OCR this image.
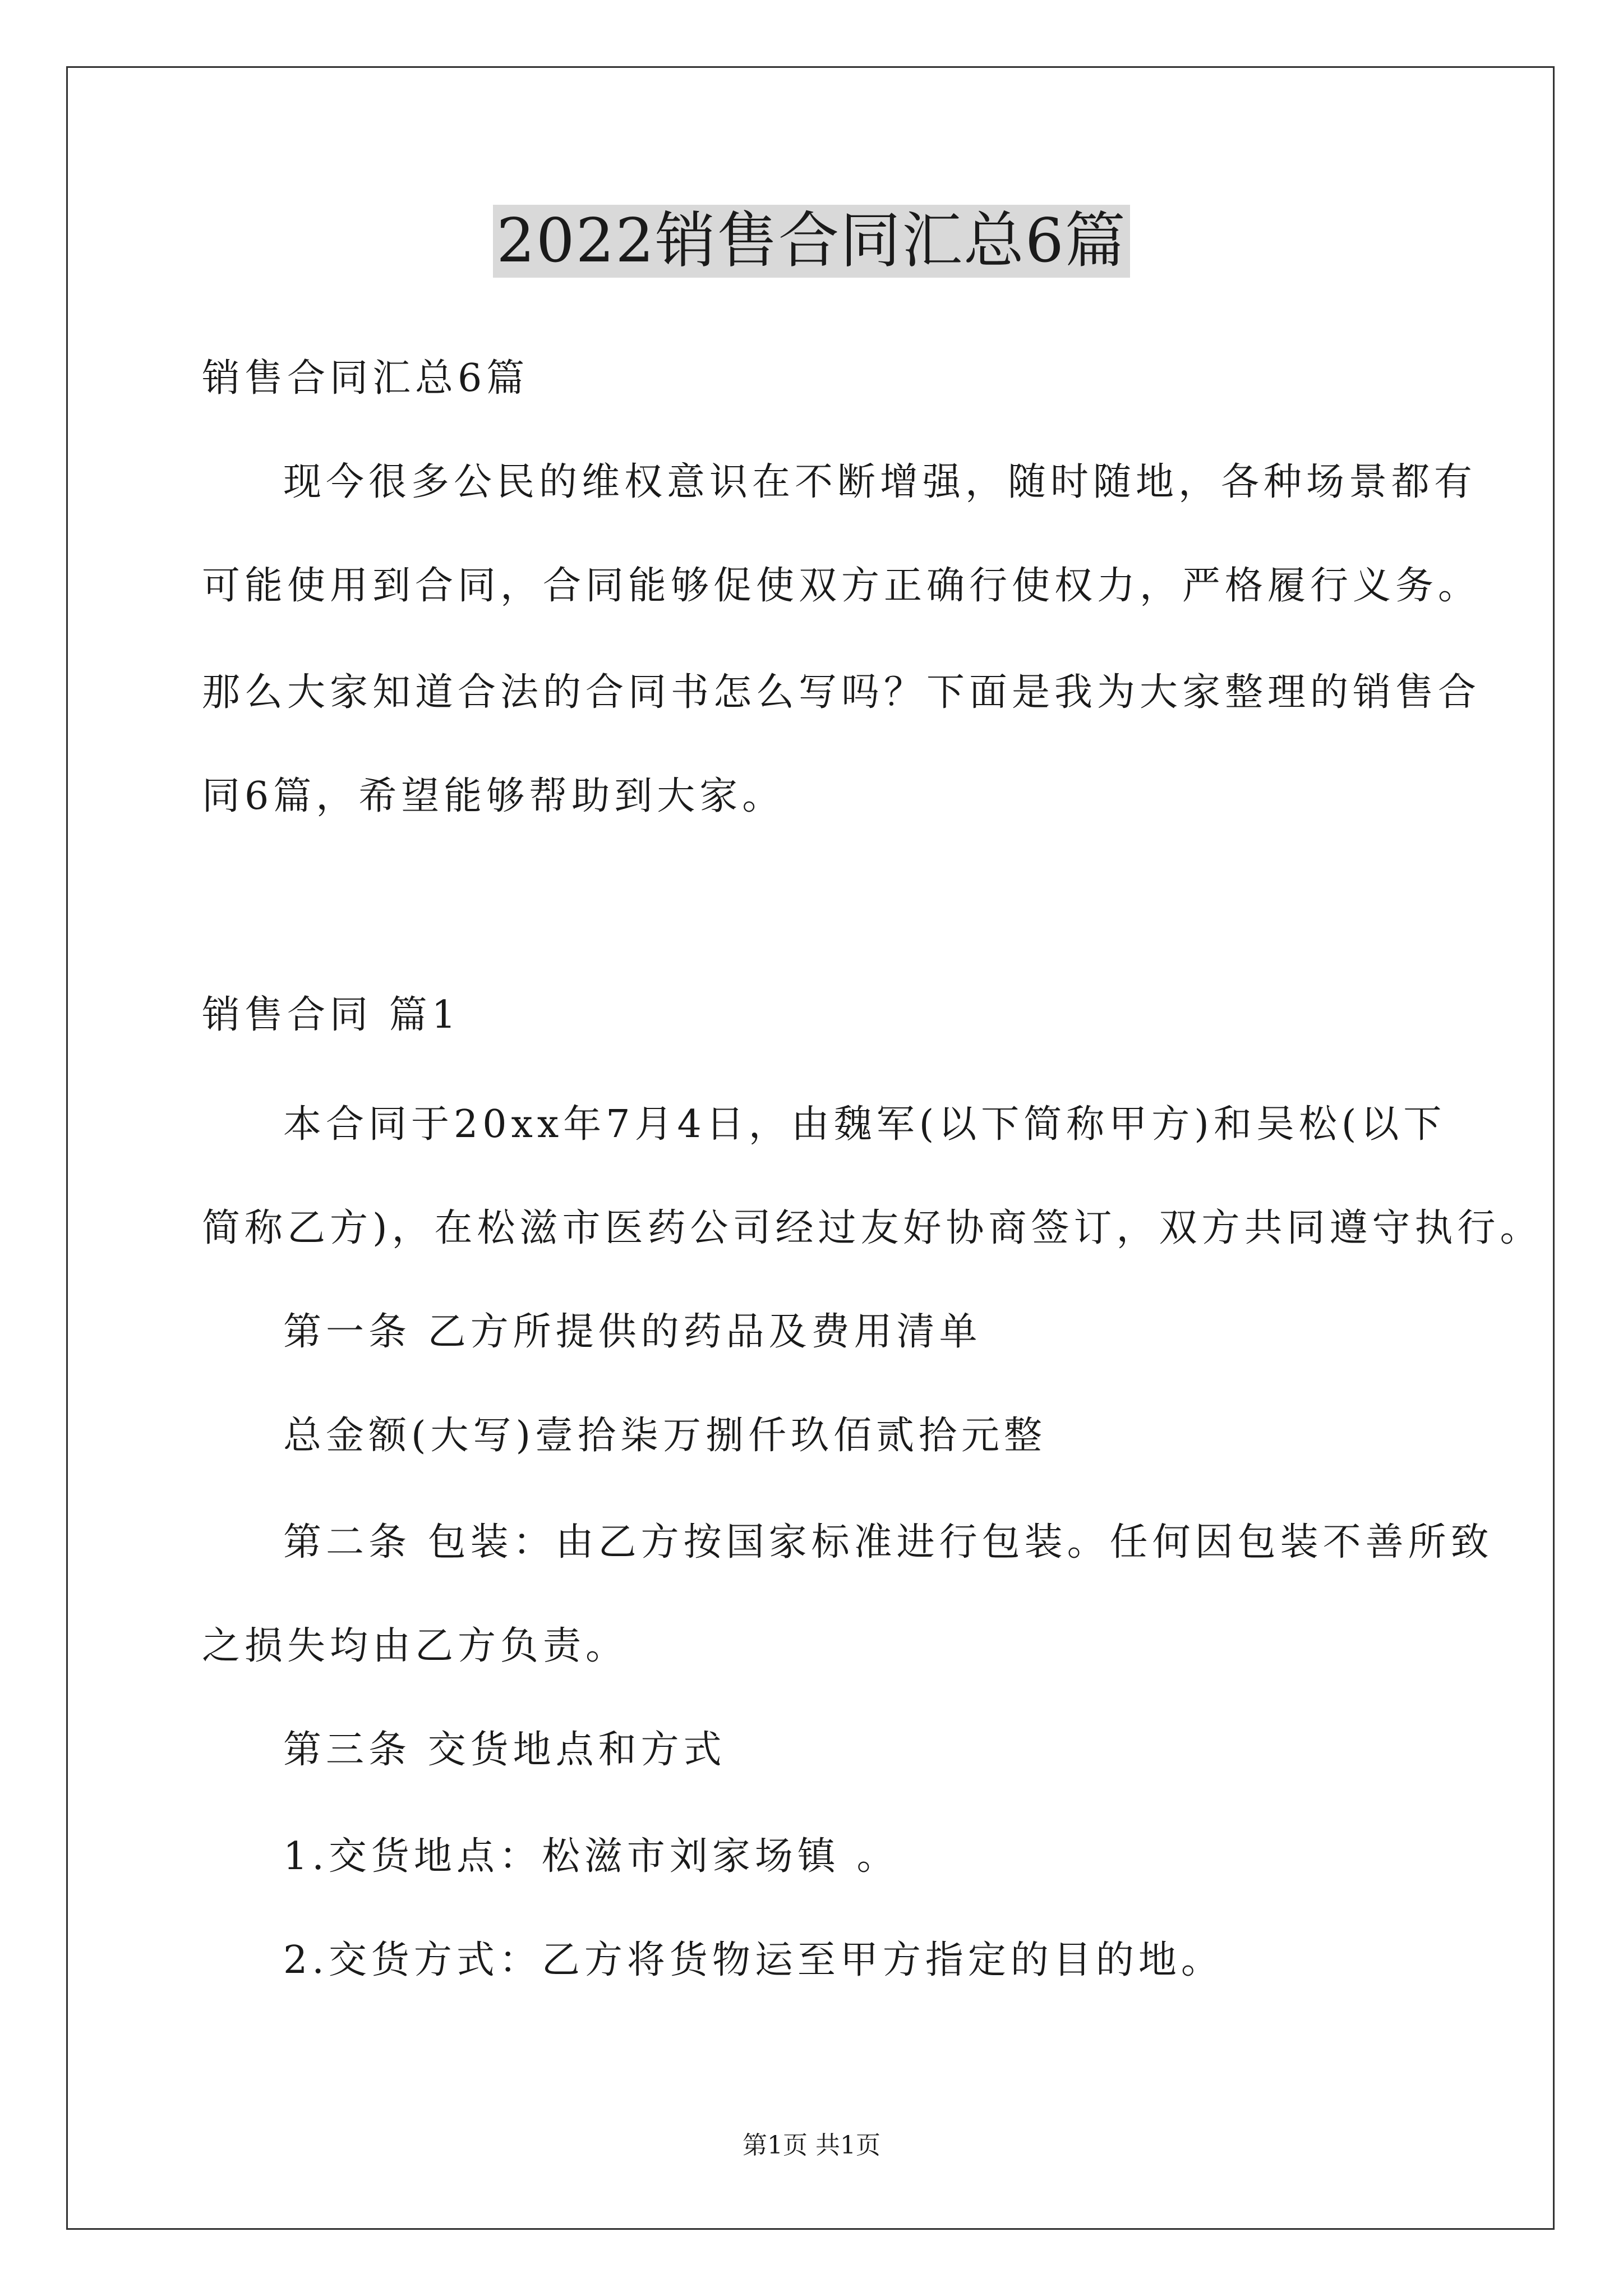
2022销售合同汇总6篇
销售合同汇总6篇
现今很多公民的维权意识在不断增强，随时随地，各种场景都有
可能使用到合同，合同能够促使双方正确行使权力，严格履行义务。
那么大家知道合法的合同书怎么写吗？下面是我为大家整理的销售合
同6篇，希望能够帮助到大家。
销售合同 篇1
本合同于20xx年7月4日，由魏军(以下简称甲方)和吴松(以下
简称乙方)，在松滋市医药公司经过友好协商签订，双方共同遵守执行。
第一条 乙方所提供的药品及费用清单
总金额(大写)壹拾柒万捌仟玖佰贰拾元整
第二条 包装：由乙方按国家标准进行包装。任何因包装不善所致
之损失均由乙方负责。
第三条 交货地点和方式
1.交货地点：松滋市刘家场镇 。
2.交货方式：乙方将货物运至甲方指定的目的地。
第1页 共1页
